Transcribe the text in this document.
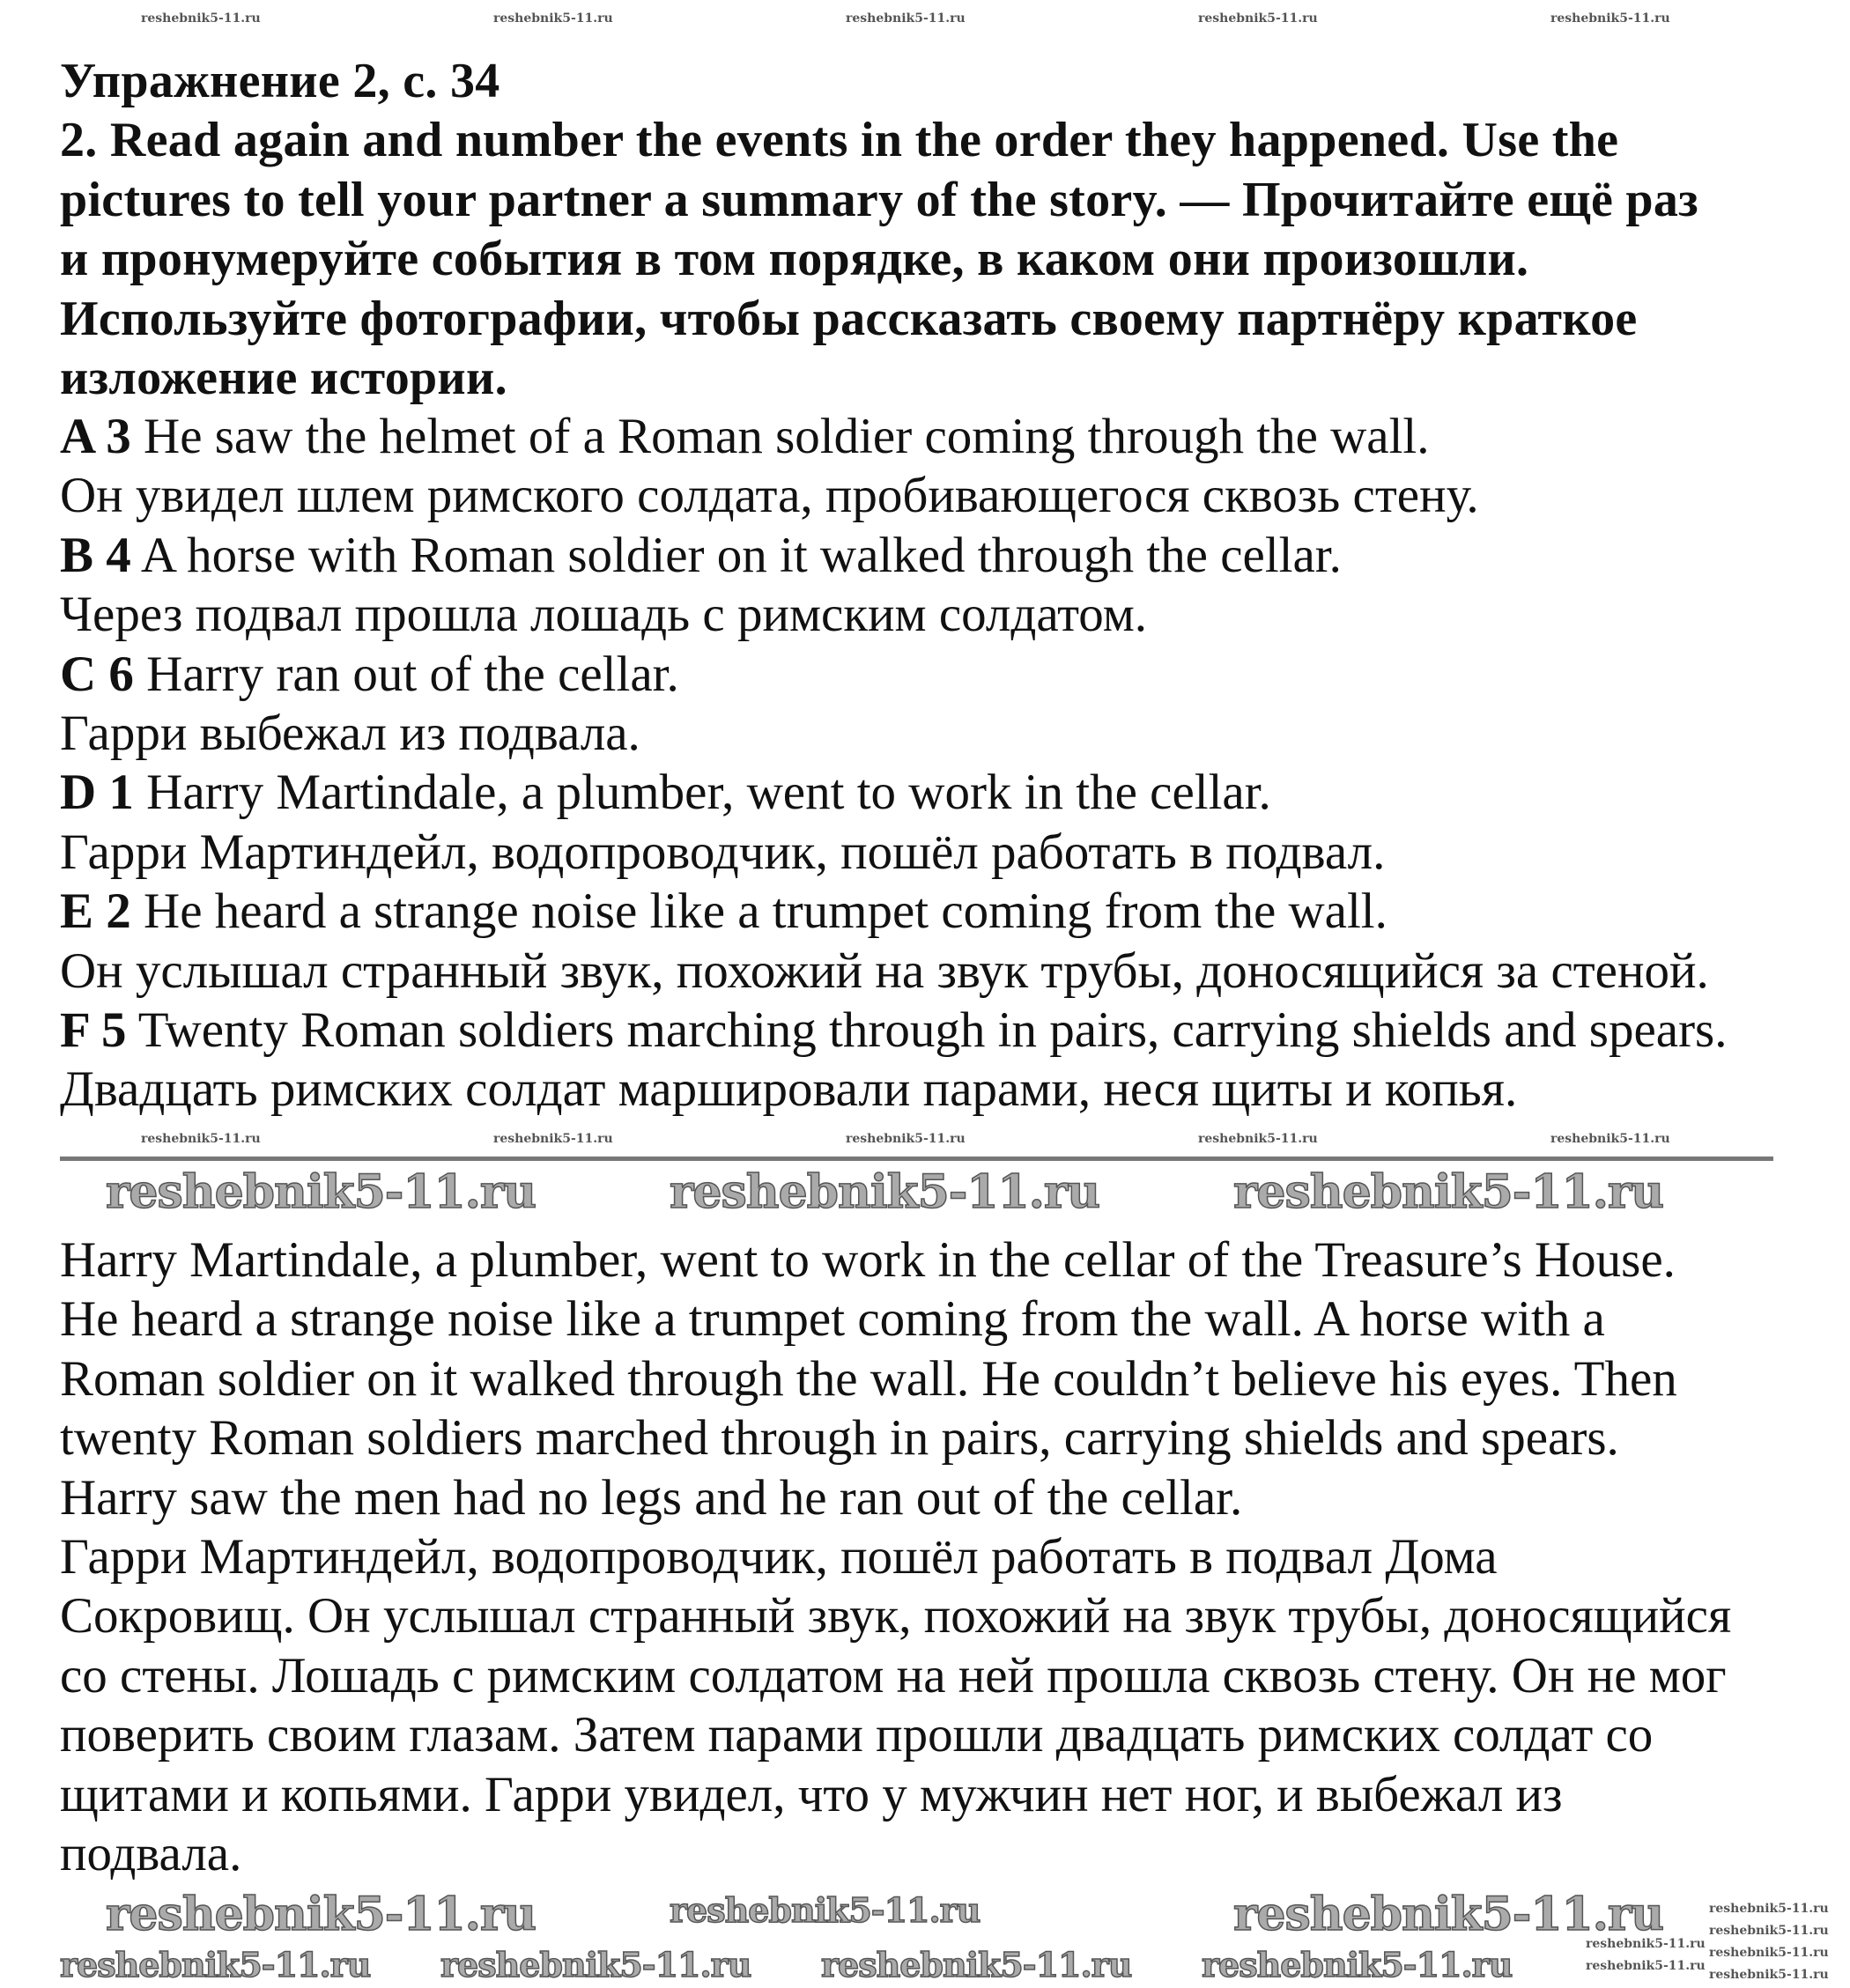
Упражнение 2, с. 34
2. Read again and number the events in the order they happened. Use the
pictures to tell your partner a summary of the story. — Прочитайте ещё раз
и пронумеруйте события в том порядке, в каком они произошли.
Используйте фотографии, чтобы рассказать своему партнёру краткое
изложение истории.
A 3 He saw the helmet of a Roman soldier coming through the wall.
Он увидел шлем римского солдата, пробивающегося сквозь стену.
B 4 A horse with Roman soldier on it walked through the cellar.
Через подвал прошла лошадь с римским солдатом.
C 6 Harry ran out of the cellar.
Гарри выбежал из подвала.
D 1 Harry Martindale, a plumber, went to work in the cellar.
Гарри Мартиндейл, водопроводчик, пошёл работать в подвал.
E 2 He heard a strange noise like a trumpet coming from the wall.
Он услышал странный звук, похожий на звук трубы, доносящийся за стеной.
F 5 Twenty Roman soldiers marching through in pairs, carrying shields and spears.
Двадцать римских солдат маршировали парами, неся щиты и копья.
Harry Martindale, a plumber, went to work in the cellar of the Treasure’s House.
He heard a strange noise like a trumpet coming from the wall. A horse with a
Roman soldier on it walked through the wall. He couldn’t believe his eyes. Then
twenty Roman soldiers marched through in pairs, carrying shields and spears.
Harry saw the men had no legs and he ran out of the cellar.
Гарри Мартиндейл, водопроводчик, пошёл работать в подвал Дома
Сокровищ. Он услышал странный звук, похожий на звук трубы, доносящийся
со стены. Лошадь с римским солдатом на ней прошла сквозь стену. Он не мог
поверить своим глазам. Затем парами прошли двадцать римских солдат со
щитами и копьями. Гарри увидел, что у мужчин нет ног, и выбежал из
подвала.
reshebnik5-11.ru	reshebnik5-11.ru	reshebnik5-11.ru	reshebnik5-11.ru	reshebnik5-11.ru
reshebnik5-11.ru	reshebnik5-11.ru	reshebnik5-11.ru	reshebnik5-11.ru	reshebnik5-11.ru
reshebnik5-11.ru	reshebnik5-11.ru	reshebnik5-11.ru
reshebnik5-11.ru	reshebnik5-11.ru
reshebnik5-11.ru
reshebnik5-11.ru reshebnik5-11.ru reshebnik5-11.ru reshebnik5-11.ru
reshebnik5-11.ru
reshebnik5-11.ru
reshebnik5-11.ru
reshebnik5-11.ru
reshebnik5-11.ru
reshebnik5-11.ru
